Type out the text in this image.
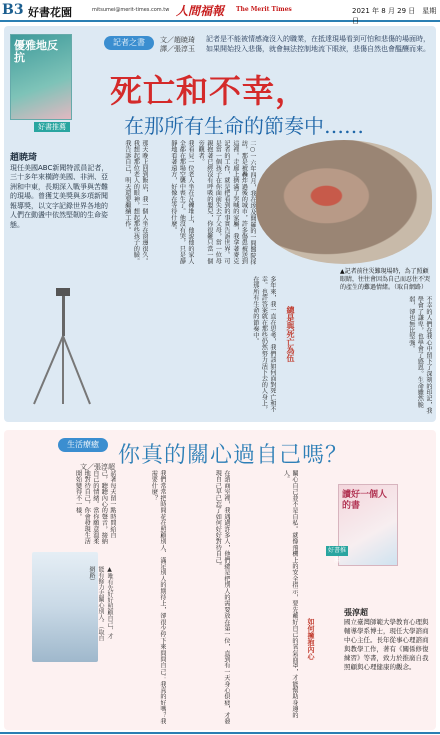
B3 好書花園	mitsumei@merit-times.com.tw 人間福報 The Merit Times	2021 年 8 月 29 日　星期日
優雅地反抗
好書推薦
趙暁琦
現任美國ABC新聞特派員記者，三十多年來橫跨美國、非洲、亞洲和中東，長期深入戰爭與苦難的現場。曾獲艾美獎與多項新聞報導獎，以文字記錄世界各地的人們在動盪中依然堅韌的生命姿態。
記者之書	文／趙暁琦 譯／張淳玉
記者是不能被情感淹沒入的職業，在抵達現場看到可怕和悲傷的場面時，如果開始投入悲傷，就會無法控制地流下眼淚，悲傷自然也會醞釀而來。
死亡和不幸，
在那所有生命的節奏中……
二○一六年四月，我在埃及開羅的一間醫院採訪，那是被轟炸過後的城市，許多傷患被送到這裡。走廊上擠滿了哭喊的家屬，我拿著麥克
記者的工作，就是把看到的事實告訴世界。可是當一個孩子在你面前失去了父母，當一位母親抱著已經沒有呼吸的嬰兒，你很難只當一個旁觀者。
我看見一位老人坐在瓦礫堆上，他說他的家人全都在那場空襲中喪生了。他沒有哭，只是靜靜地看著遠方，好像在等待什麼。
那天晚上回到飯店，我一個人坐在窗邊很久。我想起那位老人的眼神，想起那些孩子的臉。我告訴自己，明天還要繼續工作。
多年來，我一直在思考，我們該如何面對死亡和不幸。也許答案就在那些仍然努力活下去的人身上，在那所有生命的節奏中。	不幸的人們在我心中留下了深刻的印記，我學會了謙卑，也學會了感恩。生命雖然脆弱，卻也無比堅強。
▲記者前往災難現場時，為了照顧眼睛，往往會因為自己而忍住不哭的產生的難過情緒。（取自網路）
總是與死亡為伍
生活療癒
文／張淳超 你真的關心過自己嗎？
我們常常把時間花在照顧別人、滿足別人的期待上，卻很少停下來問問自己：我真的好嗎？我需要什麼？	在諮商室裡，我遇過許多人，他們總是把別人的需要放在第一位，直到有一天身心俱疲，才發現自己早已忘了如何好好對待自己。	關心自己並不是自私。就像飛機上的安全指示，要先戴好自己的氧氣面罩，才能幫助身邊的人。
試著每天留一點時間給自己，聽聽內心的聲音，接納自己的情緒。當你願意溫柔地對待自己，你會發現生活開始變得不一樣。
▲唯有先好好照顧自己，才能有餘力去關心別人。（取自網路）
讀好一個人的書
好書推薦
張淳超
國立臺灣師範大學教育心理與輔導學系博士，現任大學諮商中心主任。長年從事心理諮商與教學工作，著有《關係修復練習》等書，致力於推廣自我照顧與心理健康的觀念。
如何擁抱內心
